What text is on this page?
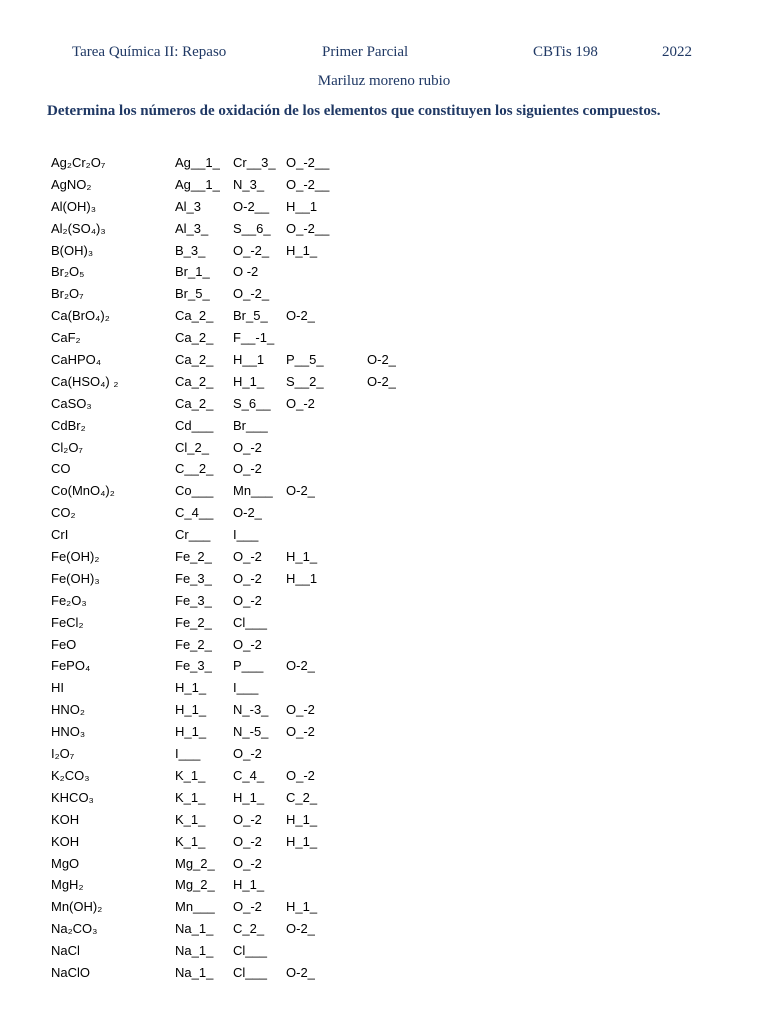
Tarea Química II: Repaso	Primer Parcial	CBTis 198	2022
Mariluz moreno rubio
Determina los números de oxidación de los elementos que constituyen los siguientes compuestos.
Ag₂Cr₂O₇	Ag__1_ Cr__3_ O_-2__
AgNO₂	Ag__1_ N_3_ O_-2__
Al(OH)₃	Al_3 O-2__ H__1
Al₂(SO₄)₃	Al_3_ S__6_ O_-2__
B(OH)₃	B_3_ O_-2_ H_1_
Br₂O₅	Br_1_ O -2
Br₂O₇	Br_5_ O_-2_
Ca(BrO₄)₂	Ca_2_ Br_5_ O-2_
CaF₂	Ca_2_ F__-1_
CaHPO₄	Ca_2_ H__1 P__5_	O-2_
Ca(HSO₄) ₂	Ca_2_ H_1_ S__2_	O-2_
CaSO₃	Ca_2_ S_6__ O_-2
CdBr₂	Cd___ Br___
Cl₂O₇	Cl_2_ O_-2
CO	C__2_ O_-2
Co(MnO₄)₂	Co___ Mn___ O-2_
CO₂	C_4__ O-2_
CrI	Cr___ I___
Fe(OH)₂	Fe_2_ O_-2 H_1_
Fe(OH)₃	Fe_3_ O_-2 H__1
Fe₂O₃	Fe_3_ O_-2
FeCl₂	Fe_2_ Cl___
FeO	Fe_2_ O_-2
FePO₄	Fe_3_ P___ O-2_
HI	H_1_ I___
HNO₂	H_1_ N_-3_ O_-2
HNO₃	H_1_ N_-5_ O_-2
I₂O₇	I___	O_-2
K₂CO₃	K_1_ C_4_ O_-2
KHCO₃	K_1_ H_1_ C_2_
KOH	K_1_ O_-2 H_1_
KOH	K_1_ O_-2 H_1_
MgO	Mg_2_ O_-2
MgH₂	Mg_2_ H_1_
Mn(OH)₂	Mn___ O_-2 H_1_
Na₂CO₃	Na_1_ C_2_ O-2_
NaCl	Na_1_ Cl___
NaClO	Na_1_ Cl___ O-2_
